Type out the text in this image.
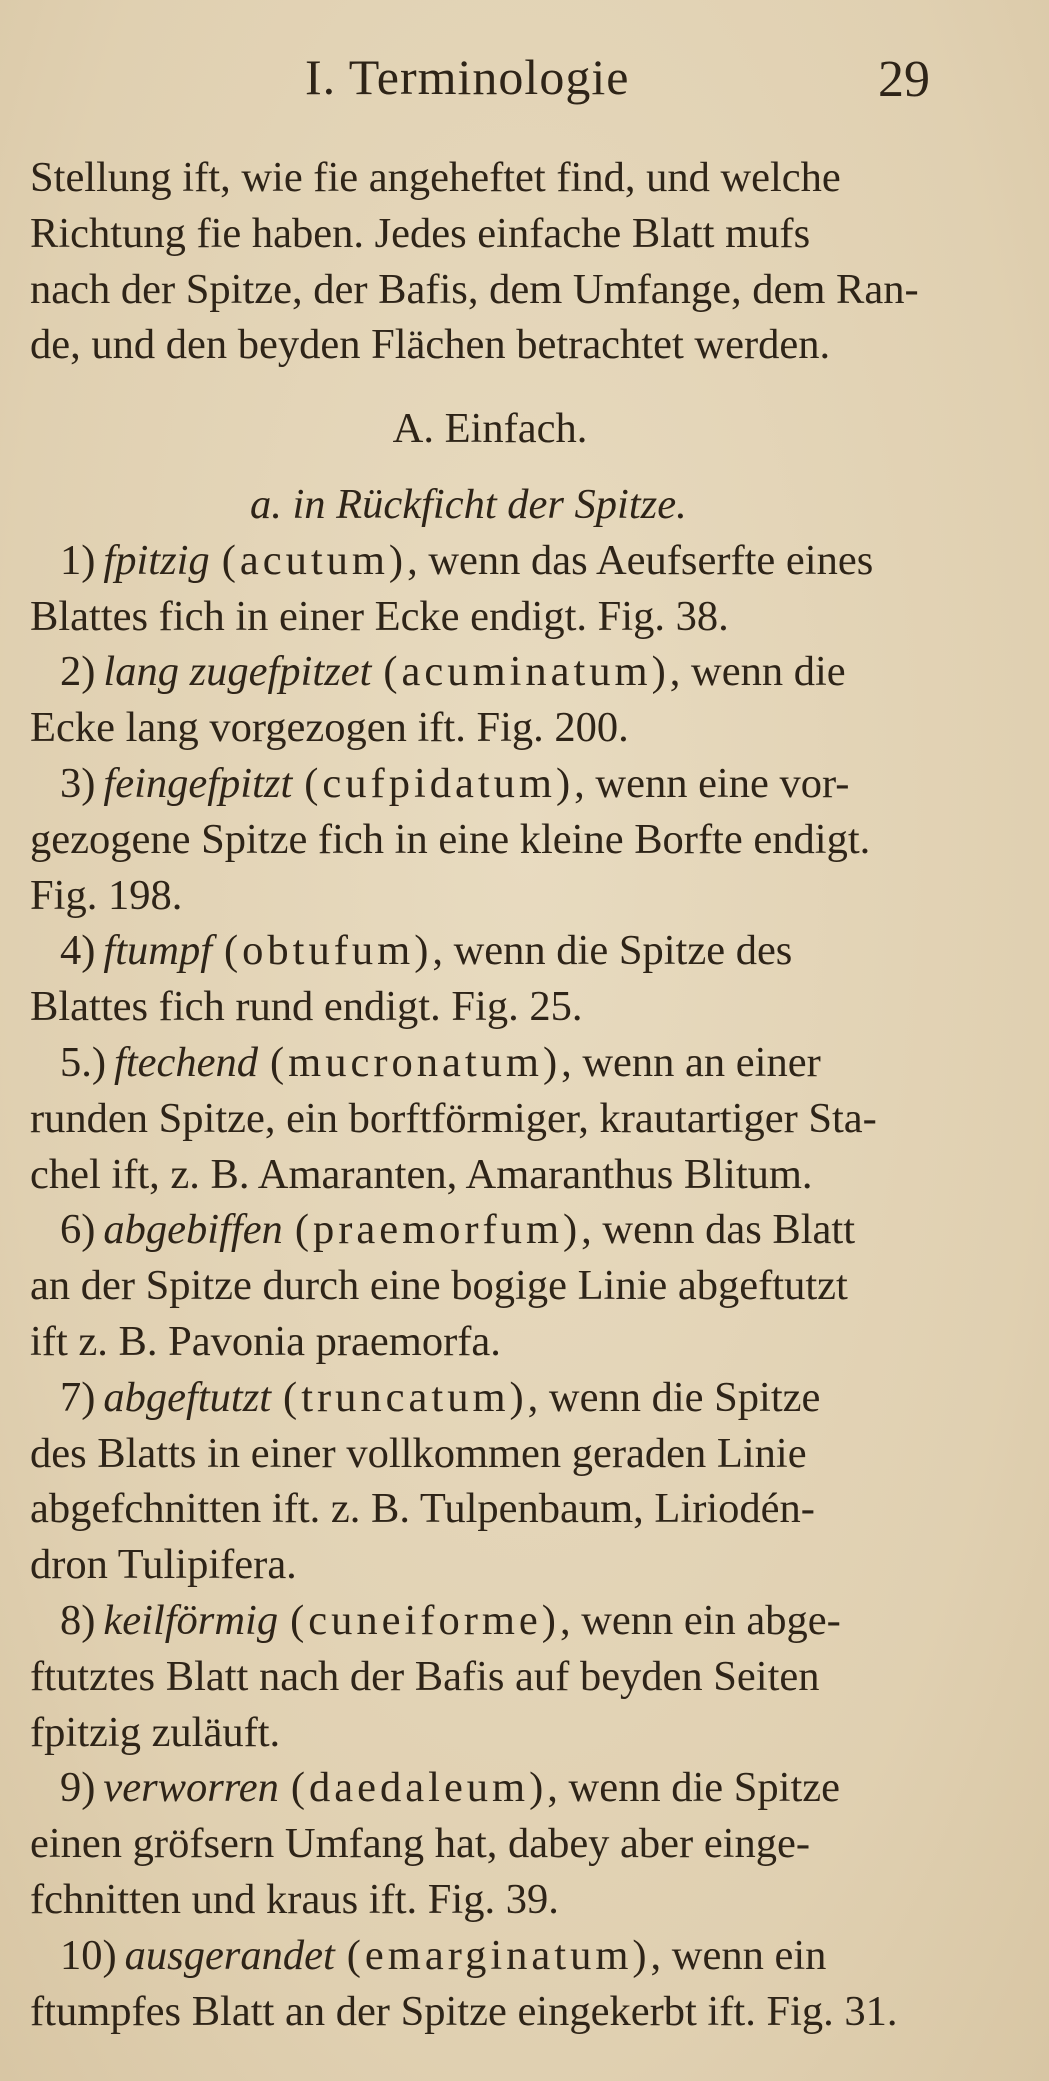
I. Terminologie	29
Stellung ift, wie fie angeheftet find, und welche
Richtung fie haben. Jedes einfache Blatt mufs
nach der Spitze, der Bafis, dem Umfange, dem Ran-
de, und den beyden Flächen betrachtet werden.
A. Einfach.
a. in Rückficht der Spitze.
1) fpitzig (acutum), wenn das Aeufserfte eines
Blattes fich in einer Ecke endigt. Fig. 38.
2) lang zugefpitzet (acuminatum), wenn die
Ecke lang vorgezogen ift. Fig. 200.
3) feingefpitzt (cufpidatum), wenn eine vor-
gezogene Spitze fich in eine kleine Borfte endigt.
Fig. 198.
4) ftumpf (obtufum), wenn die Spitze des
Blattes fich rund endigt. Fig. 25.
5.) ftechend (mucronatum), wenn an einer
runden Spitze, ein borftförmiger, krautartiger Sta-
chel ift, z. B. Amaranten, Amaranthus Blitum.
6) abgebiffen (praemorfum), wenn das Blatt
an der Spitze durch eine bogige Linie abgeftutzt
ift z. B. Pavonia praemorfa.
7) abgeftutzt (truncatum), wenn die Spitze
des Blatts in einer vollkommen geraden Linie
abgefchnitten ift. z. B. Tulpenbaum, Liriodén-
dron Tulipifera.
8) keilförmig (cuneiforme), wenn ein abge-
ftutztes Blatt nach der Bafis auf beyden Seiten
fpitzig zuläuft.
9) verworren (daedaleum), wenn die Spitze
einen gröfsern Umfang hat, dabey aber einge-
fchnitten und kraus ift. Fig. 39.
10) ausgerandet (emarginatum), wenn ein
ftumpfes Blatt an der Spitze eingekerbt ift. Fig. 31.
